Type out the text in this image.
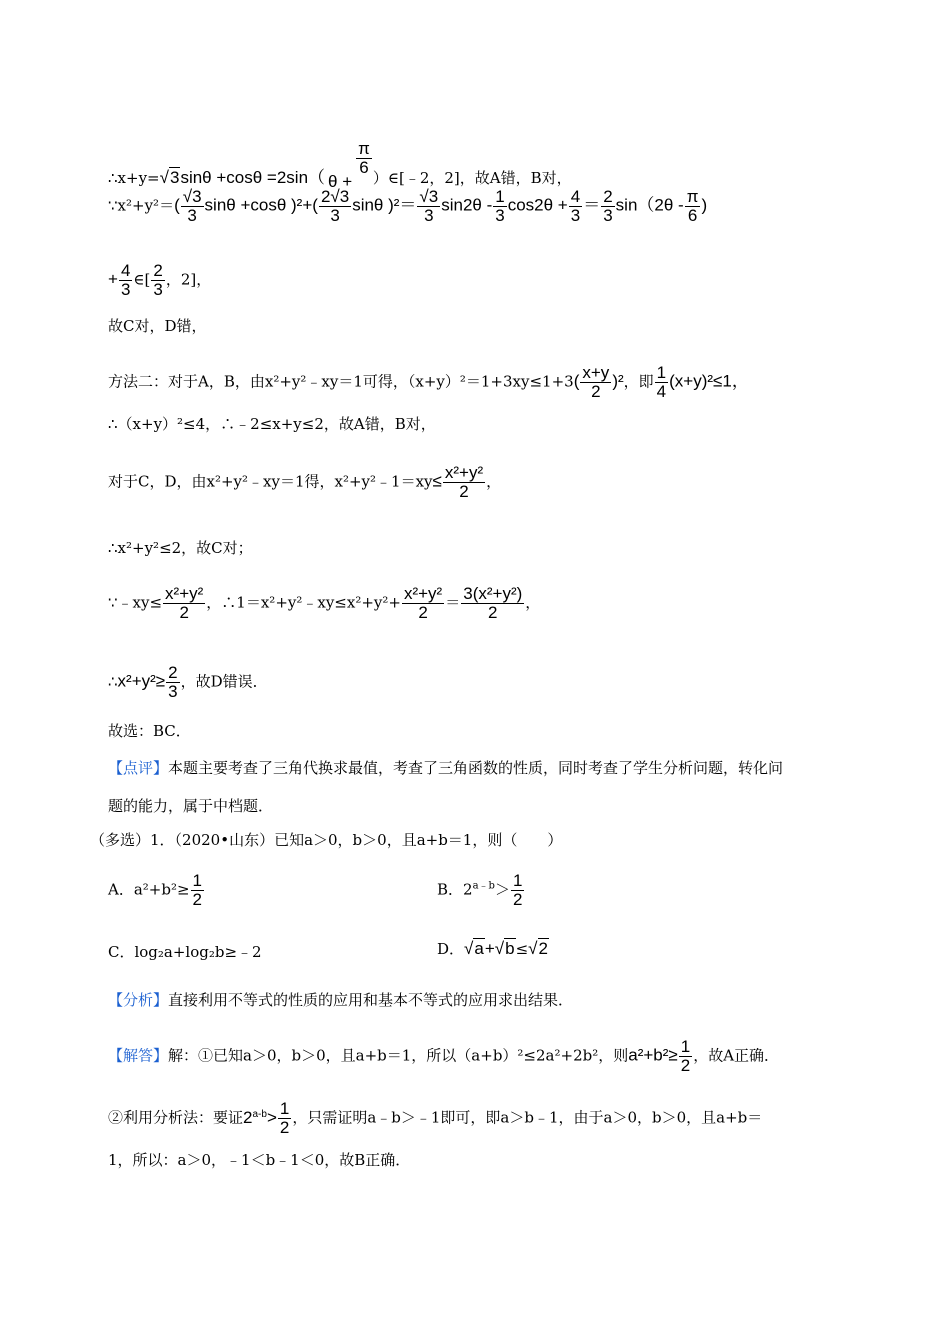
∴x+y=√3sinθ +cosθ =2sin（ θ +
$\frac{\pi}{6}$
）∈[﹣2，2]，故A错，B对，
∵x²+y²＝( $\frac{√3}{3}$ sinθ +cosθ )$^2+( \frac{2√3}{3}$ sinθ )$^2= \frac{√3}{3} \sin 2\theta - \frac{1}{3} \cos 2\theta + \frac{4}{3} = \frac{2}{3} \sin(2\theta - \frac{\pi}{6}$ )
+ $\frac{4}{3}$ ∈[ $\frac{2}{3}$ ，2]，
故C对，D错，
方法二：对于A，B，由x²+y²﹣xy＝1可得，$(x+y)^2=1+3xy\le 1+3( \frac{x+y}{2} )^2$，即 $\frac{1}{4} (x+y)^2\le 1$，
∴（x+y）²≤4，∴﹣2≤x+y≤2，故A错，B对，
对于C，D，由x²+y²﹣xy＝1得，x²+y²﹣1＝xy≤ $\frac{\text{x²+y²}}{2}$ ，
∴x²+y²≤2，故C对；
∵﹣xy≤ $\frac{\text{x²+y²}}{2}$ ，∴1＝x²+y²﹣xy≤x²+y²+ $\frac{\text{x²+y²}}{2} = \frac{\text{3(x²+y²)}}{2}$ ，
∴x²+y²≥ $\frac{2}{3}$ ，故D错误．
故选：BC．
【点评】本题主要考查了三角代换求最值，考查了三角函数的性质，同时考查了学生分析问题，转化问
题的能力，属于中档题．
（多选）1．（2020•山东）已知a＞0，b＞0，且a+b＝1，则（　　）
A．$a^2+b^2\ge \frac{1}{2}$	B．$2^{a﹣b}> \frac{1}{2}$
C．log₂a+log₂b≥﹣2	D．√a+√b≤√2
【分析】直接利用不等式的性质的应用和基本不等式的应用求出结果．
【解答】解：①已知a＞0，b＞0，且a+b＝1，所以（a+b）²≤2a²+2b²，则$a^2+b^2\ge \frac{1}{2}$ ，故A正确．
②利用分析法：要证$2^{a-b}> \frac{1}{2}$ ，只需证明a﹣b＞﹣1即可，即a＞b﹣1，由于a＞0，b＞0，且a+b＝
1，所以：a＞0，﹣1＜b﹣1＜0，故B正确．
